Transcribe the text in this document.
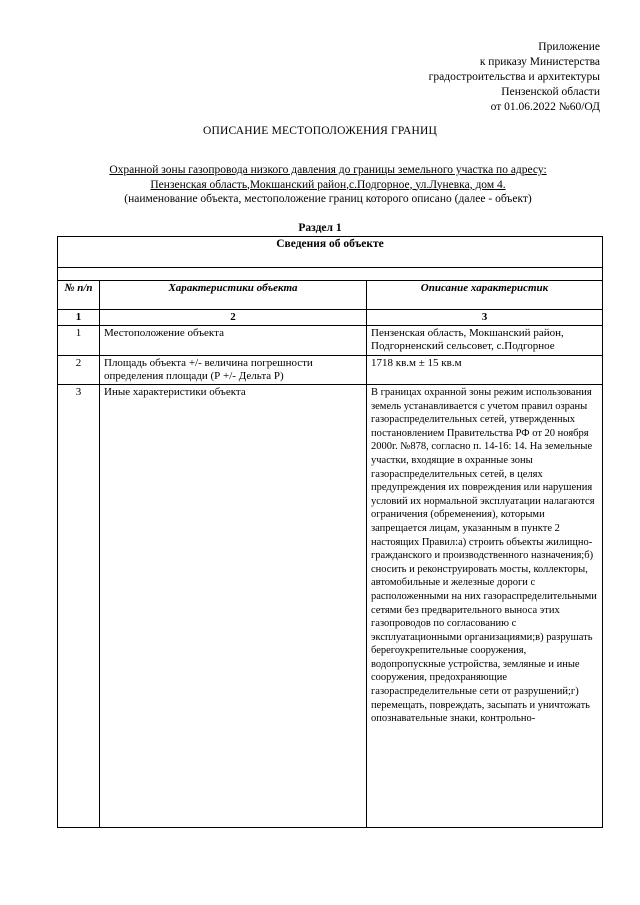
Приложение
к приказу Министерства
градостроительства и архитектуры
Пензенской области
от 01.06.2022 №60/ОД
ОПИСАНИЕ МЕСТОПОЛОЖЕНИЯ ГРАНИЦ
Охранной зоны газопровода низкого давления до границы земельного участка по адресу:
Пензенская область,Мокшанский район,с.Подгорное, ул.Луневка, дом 4.
(наименование объекта, местоположение границ которого описано (далее - объект)
Раздел 1
Сведения об объекте		

№ п/п	Характеристики объекта	Описание характеристик
1	2	3
1	Местоположение объекта	Пензенская область, Мокшанский район, Подгорненский сельсовет, с.Подгорное
2	Площадь объекта +/- величина погрешности определения площади (Р +/- Дельта Р)	1718 кв.м ± 15 кв.м
3	Иные характеристики объекта	В границах охранной зоны режим использования земель устанавливается с учетом правил озраны газораспределительных сетей, утвержденных постановлением Правительства РФ от 20 ноября 2000г. №878, согласно п. 14-16: 14. На земельные участки, входящие в охранные зоны газораспределительных сетей, в целях предупреждения их повреждения или нарушения условий их нормальной эксплуатации налагаются ограничения (обременения), которыми запрещается лицам, указанным в пункте 2 настоящих Правил:а) строить объекты жилищно-гражданского и производственного назначения;б) сносить и реконструировать мосты, коллекторы, автомобильные и железные дороги с расположенными на них газораспределительными сетями без предварительного выноса этих газопроводов по согласованию с эксплуатационными организациями;в) разрушать берегоукрепительные сооружения, водопропускные устройства, земляные и иные сооружения, предохраняющие газораспределительные сети от разрушений;г) перемещать, повреждать, засыпать и уничтожать опознавательные знаки, контрольно-
